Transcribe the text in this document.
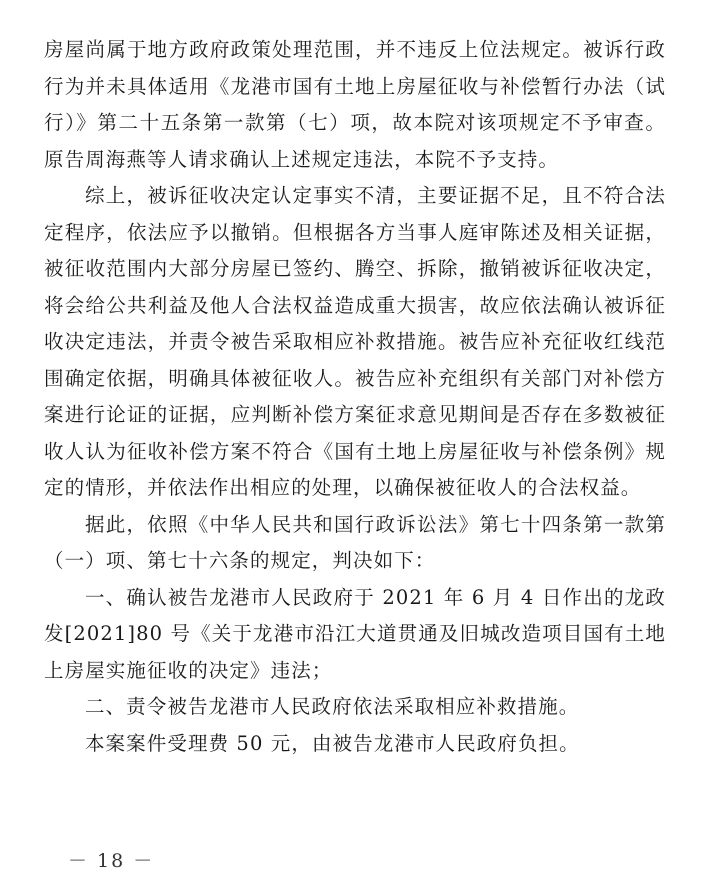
房屋尚属于地方政府政策处理范围，并不违反上位法规定。被诉行政行为并未具体适用《龙港市国有土地上房屋征收与补偿暂行办法（试行）》第二十五条第一款第（七）项，故本院对该项规定不予审查。原告周海燕等人请求确认上述规定违法，本院不予支持。

综上，被诉征收决定认定事实不清，主要证据不足，且不符合法定程序，依法应予以撤销。但根据各方当事人庭审陈述及相关证据，被征收范围内大部分房屋已签约、腾空、拆除，撤销被诉征收决定，将会给公共利益及他人合法权益造成重大损害，故应依法确认被诉征收决定违法，并责令被告采取相应补救措施。被告应补充征收红线范围确定依据，明确具体被征收人。被告应补充组织有关部门对补偿方案进行论证的证据，应判断补偿方案征求意见期间是否存在多数被征收人认为征收补偿方案不符合《国有土地上房屋征收与补偿条例》规定的情形，并依法作出相应的处理，以确保被征收人的合法权益。

据此，依照《中华人民共和国行政诉讼法》第七十四条第一款第（一）项、第七十六条的规定，判决如下：

一、确认被告龙港市人民政府于 2021 年 6 月 4 日作出的龙政发[2021]80 号《关于龙港市沿江大道贯通及旧城改造项目国有土地上房屋实施征收的决定》违法；

二、责令被告龙港市人民政府依法采取相应补救措施。

本案案件受理费 50 元，由被告龙港市人民政府负担。

－ 18 －
